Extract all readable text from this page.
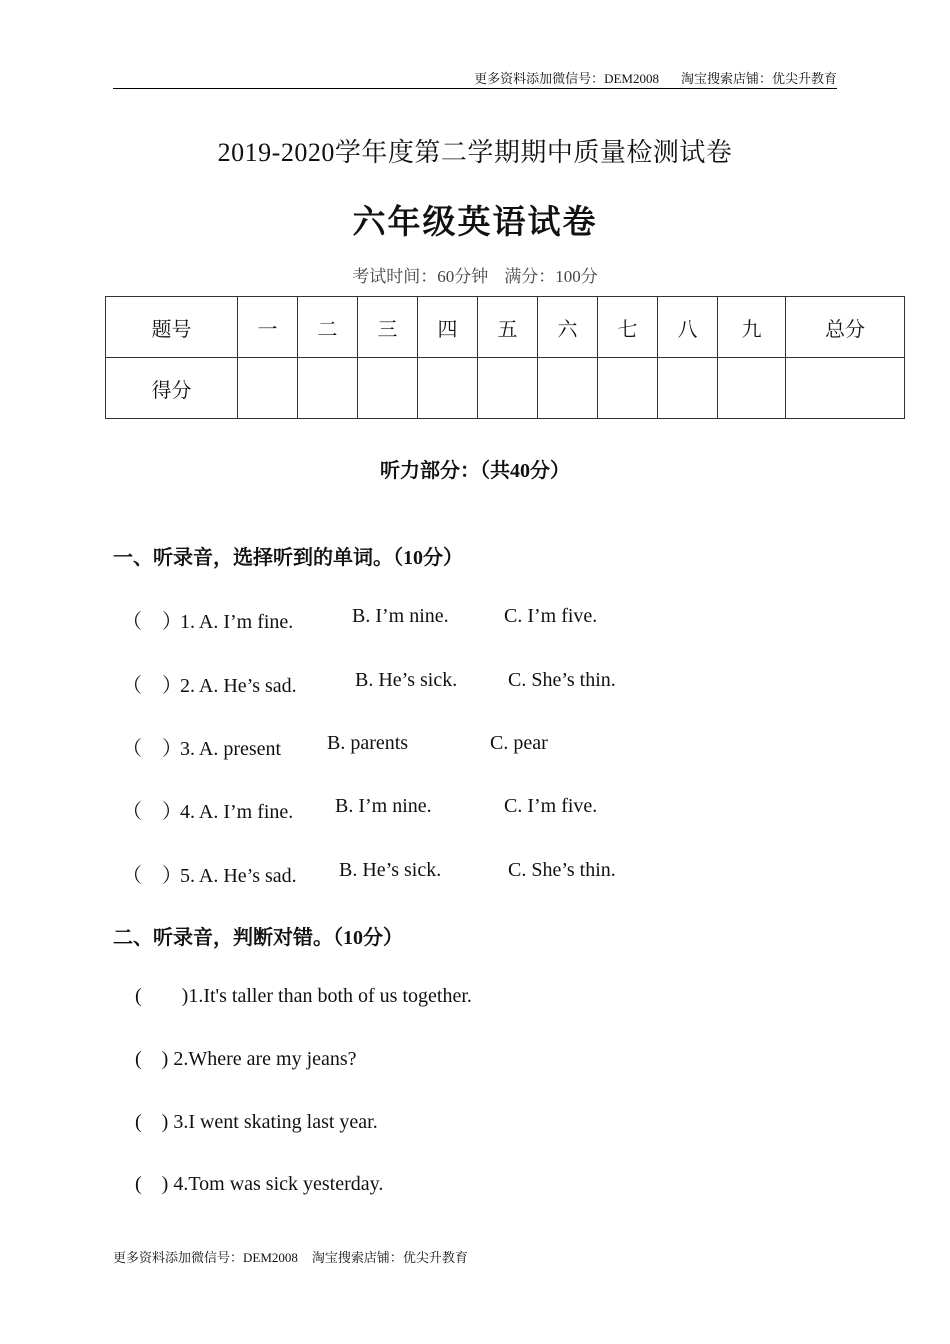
更多资料添加微信号：DEM2008 淘宝搜索店铺：优尖升教育
2019-2020学年度第二学期期中质量检测试卷
六年级英语试卷
考试时间：60分钟 满分：100分
题号	一	二	三	四	五	六	七	八	九	总分
得分										
听力部分：（共40分）
一、听录音，选择听到的单词。（10分）
（　）1. A. I’m fine.	B. I’m nine.	C. I’m five.
（　）2. A. He’s sad.	B. He’s sick.	C. She’s thin.
（　）3. A. present B. parents	C. pear
（　）4. A. I’m fine. B. I’m nine.	C. I’m five.
（　）5. A. He’s sad. B. He’s sick.	C. She’s thin.
二、听录音，判断对错。（10分）
(        )1.It's taller than both of us together.
(    ) 2.Where are my jeans?
(    ) 3.I went skating last year.
(    ) 4.Tom was sick yesterday.
更多资料添加微信号：DEM2008 淘宝搜索店铺：优尖升教育
